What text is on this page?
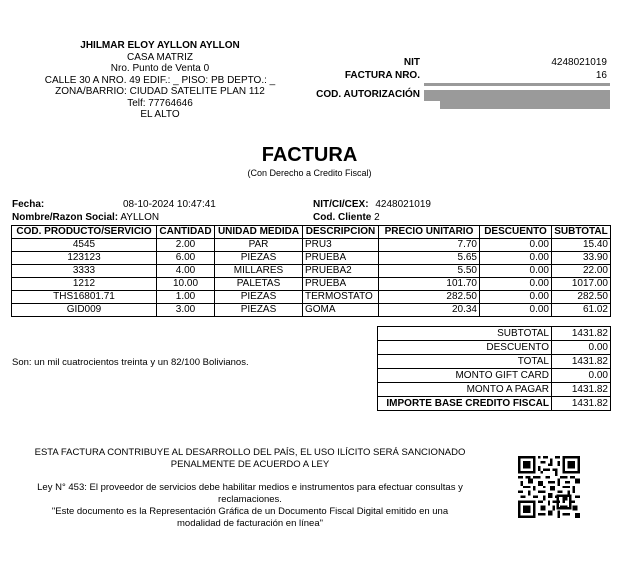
JHILMAR ELOY AYLLON AYLLON
CASA MATRIZ
Nro. Punto de Venta 0
CALLE 30 A NRO. 49 EDIF.: _ PISO: PB DEPTO.: _
ZONA/BARRIO: CIUDAD SATELITE PLAN 112
Telf: 77764646
EL ALTO
NIT	4248021019
FACTURA NRO.	16
COD. AUTORIZACIÓN
FACTURA
(Con Derecho a Credito Fiscal)
Fecha:	08-10-2024 10:47:41
Nombre/Razon Social: AYLLON
NIT/CI/CEX: 4248021019
Cod. Cliente 2
COD. PRODUCTO/SERVICIO	CANTIDAD	UNIDAD MEDIDA	DESCRIPCION	PRECIO UNITARIO	DESCUENTO	SUBTOTAL
4545	2.00	PAR	PRU3	7.70	0.00	15.40
123123	6.00	PIEZAS	PRUEBA	5.65	0.00	33.90
3333	4.00	MILLARES	PRUEBA2	5.50	0.00	22.00
1212	10.00	PALETAS	PRUEBA	101.70	0.00	1017.00
THS16801.71	1.00	PIEZAS	TERMOSTATO	282.50	0.00	282.50
GID009	3.00	PIEZAS	GOMA	20.34	0.00	61.02
SUBTOTAL	1431.82
DESCUENTO	0.00
TOTAL	1431.82
MONTO GIFT CARD	0.00
MONTO A PAGAR	1431.82
IMPORTE BASE CREDITO FISCAL	1431.82
Son: un mil cuatrocientos treinta y un 82/100 Bolivianos.
ESTA FACTURA CONTRIBUYE AL DESARROLLO DEL PAÍS, EL USO ILÍCITO SERÁ SANCIONADO
PENALMENTE DE ACUERDO A LEY
Ley N° 453: El proveedor de servicios debe habilitar medios e instrumentos para efectuar consultas y
reclamaciones.
"Este documento es la Representación Gráfica de un Documento Fiscal Digital emitido en una
modalidad de facturación en línea"
